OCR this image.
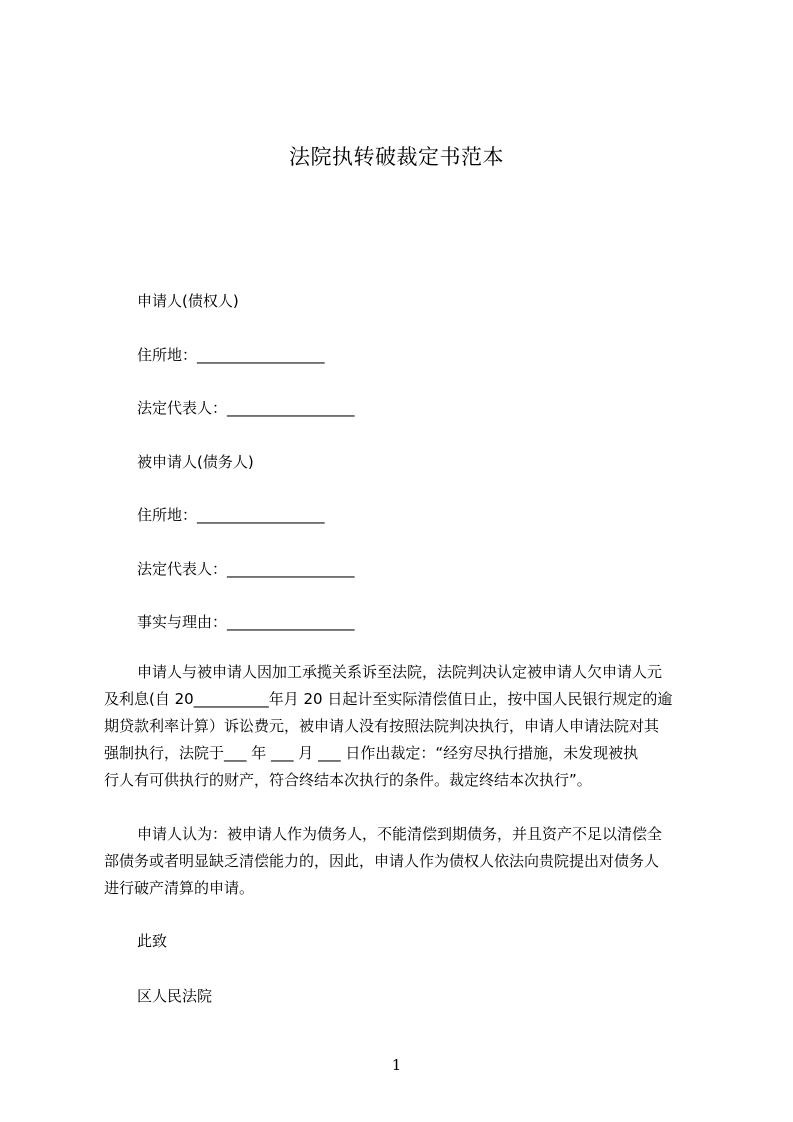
法院执转破裁定书范本
申请人(债权人)
住所地：_________________
法定代表人：_________________
被申请人(债务人)
住所地：_________________
法定代表人：_________________
事实与理由：_________________
申请人与被申请人因加工承揽关系诉至法院，法院判决认定被申请人欠申请人元
及利息(自 20__________年月 20 日起计至实际清偿值日止，按中国人民银行规定的逾
期贷款利率计算）诉讼费元，被申请人没有按照法院判决执行，申请人申请法院对其
强制执行，法院于___ 年 ___ 月 ___ 日作出裁定：“经穷尽执行措施，未发现被执
行人有可供执行的财产，符合终结本次执行的条件。裁定终结本次执行”。
申请人认为：被申请人作为债务人，不能清偿到期债务，并且资产不足以清偿全
部债务或者明显缺乏清偿能力的，因此，申请人作为债权人依法向贵院提出对债务人
进行破产清算的申请。
此致
区人民法院
1
